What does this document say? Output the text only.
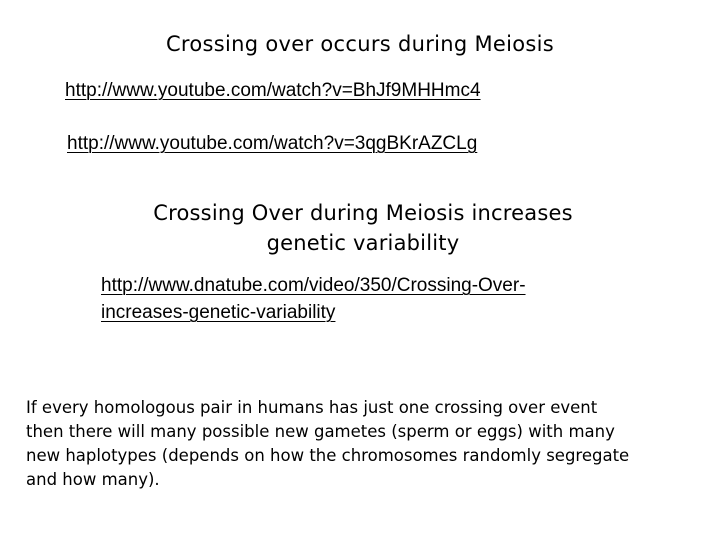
Crossing over occurs during Meiosis
http://www.youtube.com/watch?v=BhJf9MHHmc4
http://www.youtube.com/watch?v=3qgBKrAZCLg
Crossing Over during Meiosis increases
genetic variability
http://www.dnatube.com/video/350/Crossing-Over-
increases-genetic-variability
If every homologous pair in humans has just one crossing over event
then there will many possible new gametes (sperm or eggs) with many
new haplotypes (depends on how the chromosomes randomly segregate
and how many).
